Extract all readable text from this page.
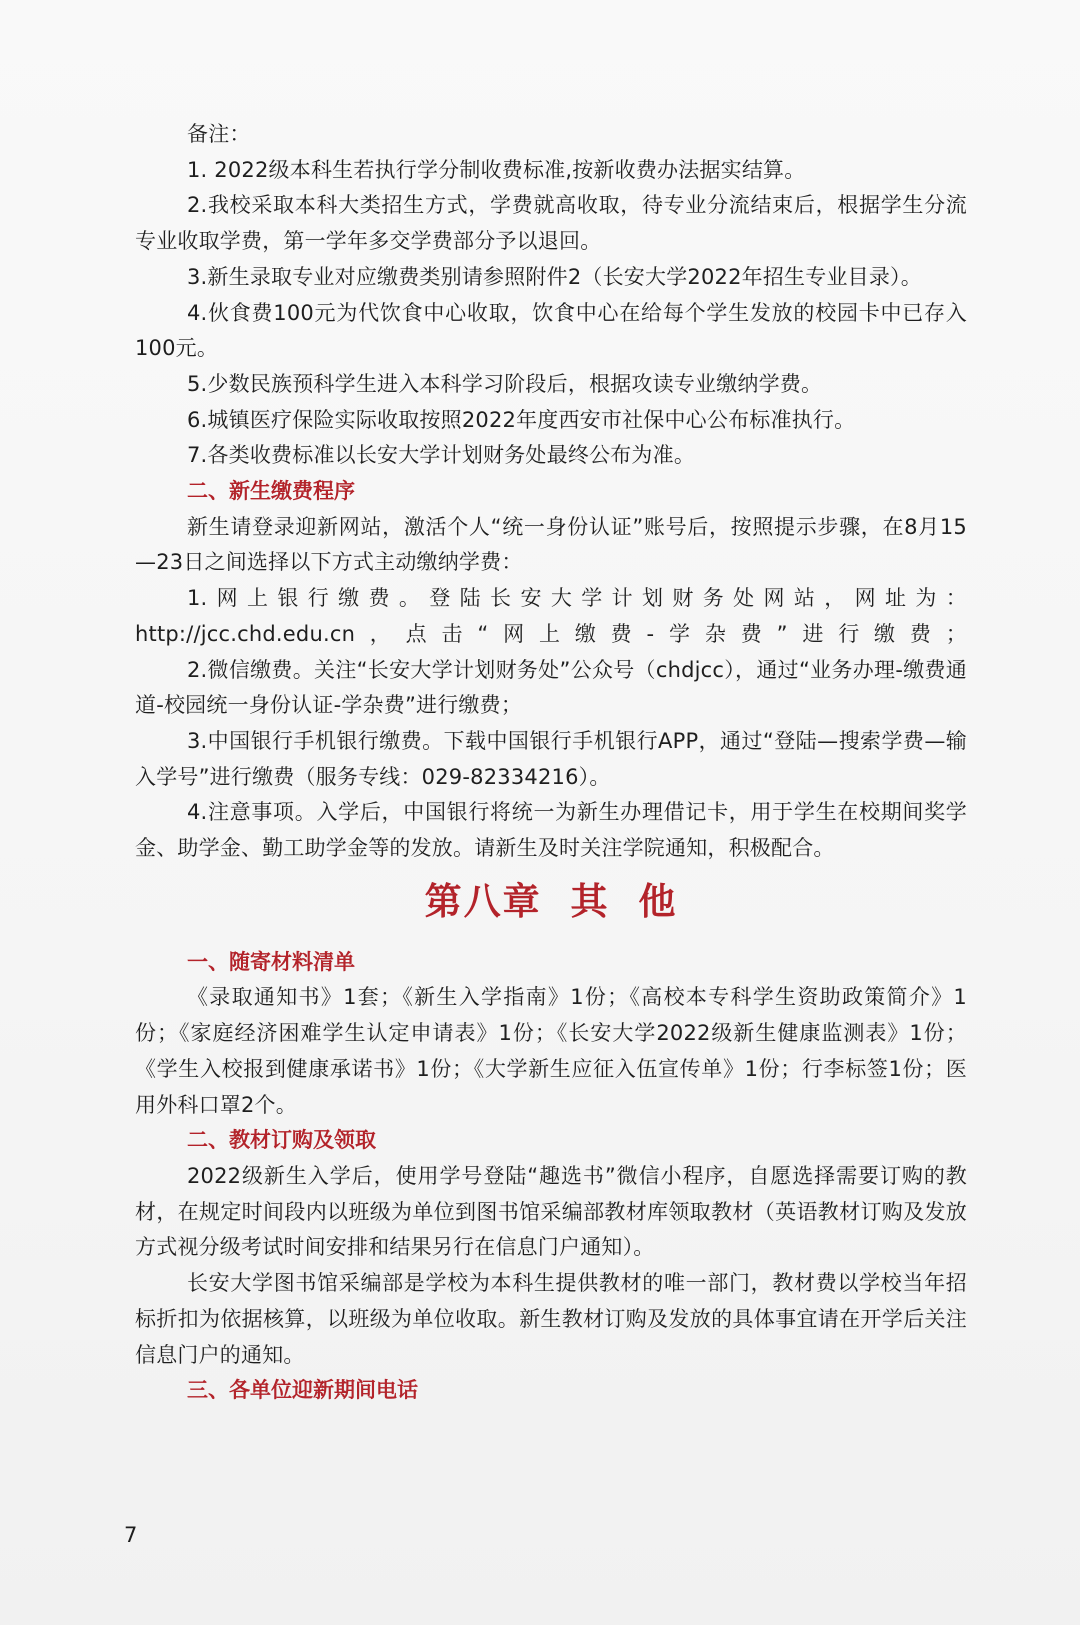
备注：

1. 2022级本科生若执行学分制收费标准,按新收费办法据实结算。

2.我校采取本科大类招生方式，学费就高收取，待专业分流结束后，根据学生分流专业收取学费，第一学年多交学费部分予以退回。

3.新生录取专业对应缴费类别请参照附件2（长安大学2022年招生专业目录）。

4.伙食费100元为代饮食中心收取，饮食中心在给每个学生发放的校园卡中已存入100元。

5.少数民族预科学生进入本科学习阶段后，根据攻读专业缴纳学费。

6.城镇医疗保险实际收取按照2022年度西安市社保中心公布标准执行。

7.各类收费标准以长安大学计划财务处最终公布为准。

二、新生缴费程序

新生请登录迎新网站，激活个人“统一身份认证”账号后，按照提示步骤，在8月15—23日之间选择以下方式主动缴纳学费：

1.网上银行缴费。登陆长安大学计划财务处网站，网址为：http://jcc.chd.edu.cn，点击“网上缴费-学杂费”进行缴费；

2.微信缴费。关注“长安大学计划财务处”公众号（chdjcc），通过“业务办理-缴费通道-校园统一身份认证-学杂费”进行缴费；

3.中国银行手机银行缴费。下载中国银行手机银行APP，通过“登陆—搜索学费—输入学号”进行缴费（服务专线：029-82334216）。

4.注意事项。入学后，中国银行将统一为新生办理借记卡，用于学生在校期间奖学金、助学金、勤工助学金等的发放。请新生及时关注学院通知，积极配合。

第八章 其 他

一、随寄材料清单

《录取通知书》1套；《新生入学指南》1份；《高校本专科学生资助政策简介》1份；《家庭经济困难学生认定申请表》1份；《长安大学2022级新生健康监测表》1份；《学生入校报到健康承诺书》1份；《大学新生应征入伍宣传单》1份；行李标签1份；医用外科口罩2个。

二、教材订购及领取

2022级新生入学后，使用学号登陆“趣选书”微信小程序，自愿选择需要订购的教材，在规定时间段内以班级为单位到图书馆采编部教材库领取教材（英语教材订购及发放方式视分级考试时间安排和结果另行在信息门户通知）。

长安大学图书馆采编部是学校为本科生提供教材的唯一部门，教材费以学校当年招标折扣为依据核算，以班级为单位收取。新生教材订购及发放的具体事宜请在开学后关注信息门户的通知。

三、各单位迎新期间电话

7
